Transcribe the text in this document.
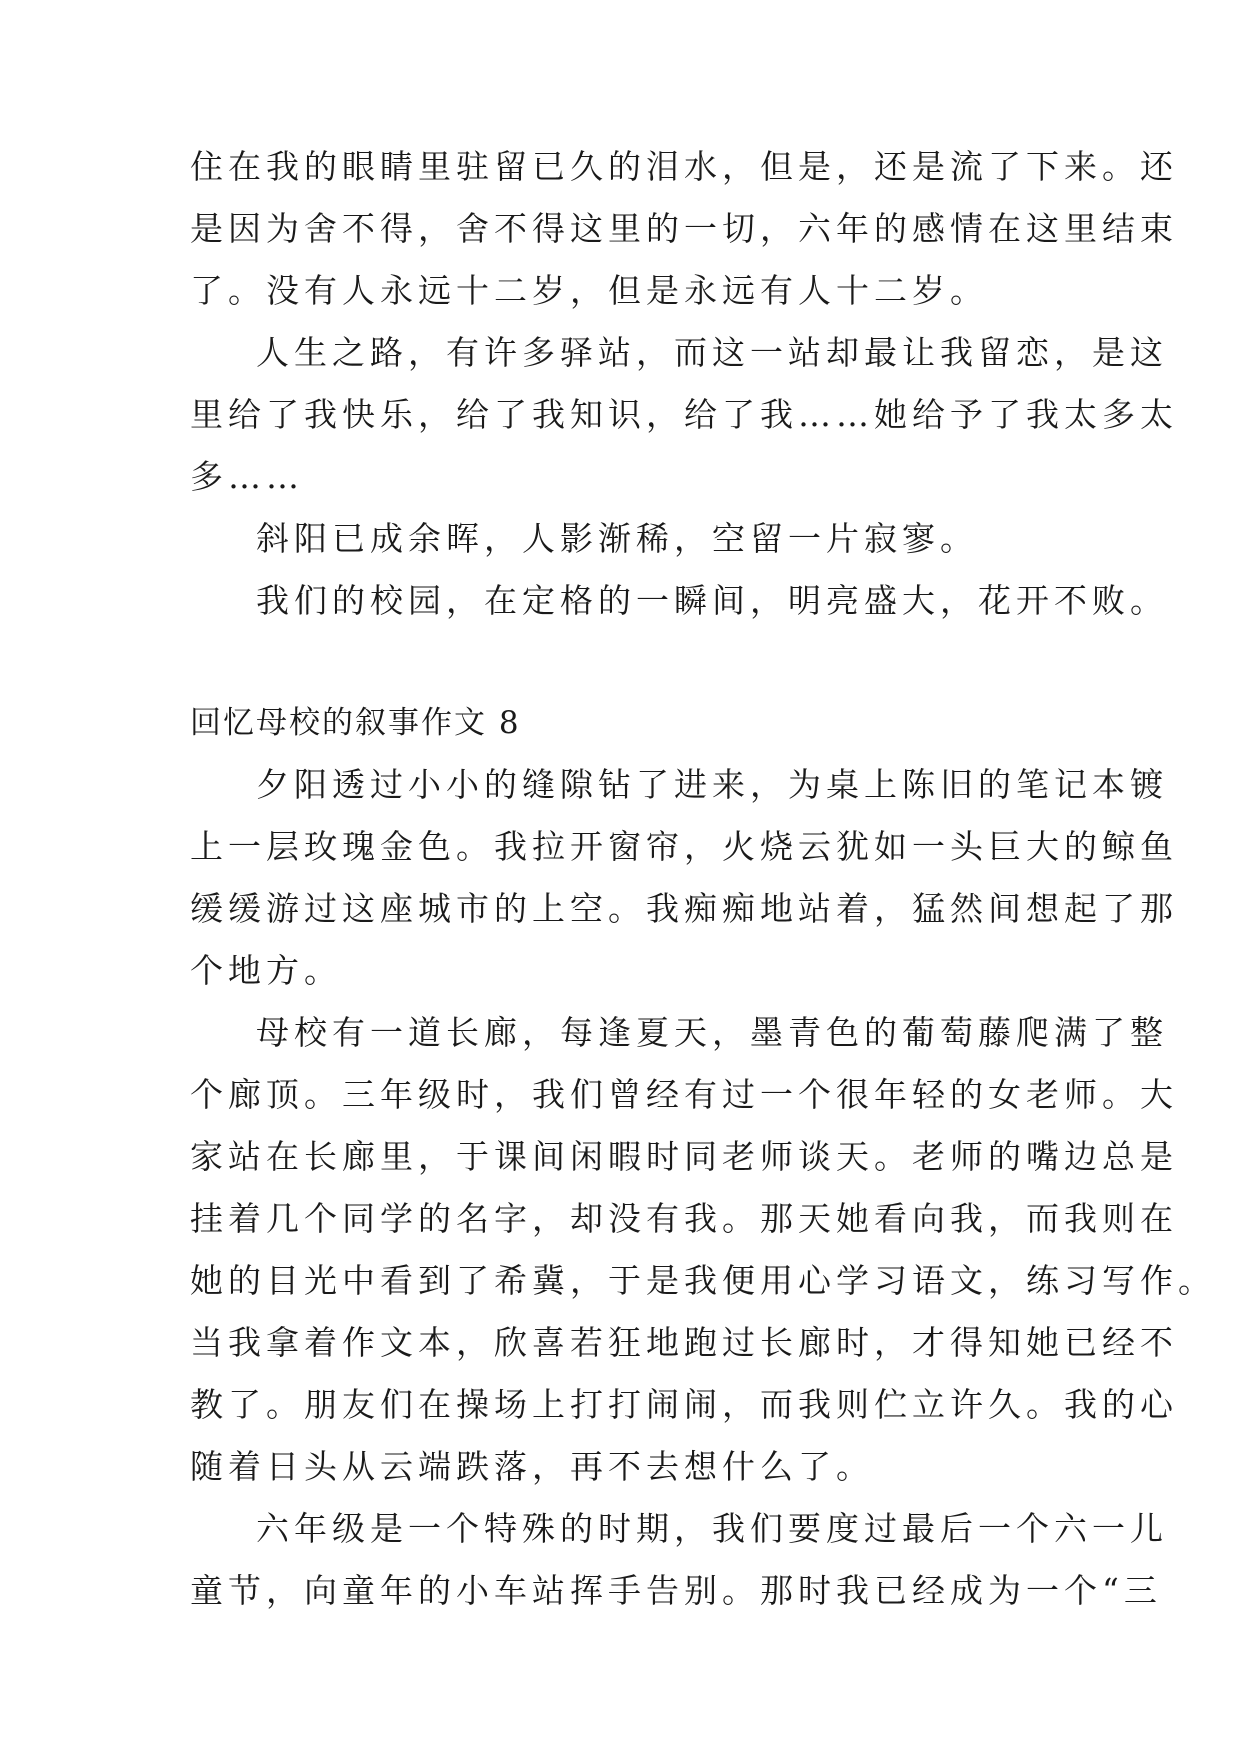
住在我的眼睛里驻留已久的泪水，但是，还是流了下来。还
是因为舍不得，舍不得这里的一切，六年的感情在这里结束
了。没有人永远十二岁，但是永远有人十二岁。
人生之路，有许多驿站，而这一站却最让我留恋，是这
里给了我快乐，给了我知识，给了我……她给予了我太多太
多……
斜阳已成余晖，人影渐稀，空留一片寂寥。
我们的校园，在定格的一瞬间，明亮盛大，花开不败。
回忆母校的叙事作文 8
夕阳透过小小的缝隙钻了进来，为桌上陈旧的笔记本镀
上一层玫瑰金色。我拉开窗帘，火烧云犹如一头巨大的鲸鱼
缓缓游过这座城市的上空。我痴痴地站着，猛然间想起了那
个地方。
母校有一道长廊，每逢夏天，墨青色的葡萄藤爬满了整
个廊顶。三年级时，我们曾经有过一个很年轻的女老师。大
家站在长廊里，于课间闲暇时同老师谈天。老师的嘴边总是
挂着几个同学的名字，却没有我。那天她看向我，而我则在
她的目光中看到了希冀，于是我便用心学习语文，练习写作。
当我拿着作文本，欣喜若狂地跑过长廊时，才得知她已经不
教了。朋友们在操场上打打闹闹，而我则伫立许久。我的心
随着日头从云端跌落，再不去想什么了。
六年级是一个特殊的时期，我们要度过最后一个六一儿
童节，向童年的小车站挥手告别。那时我已经成为一个“三
